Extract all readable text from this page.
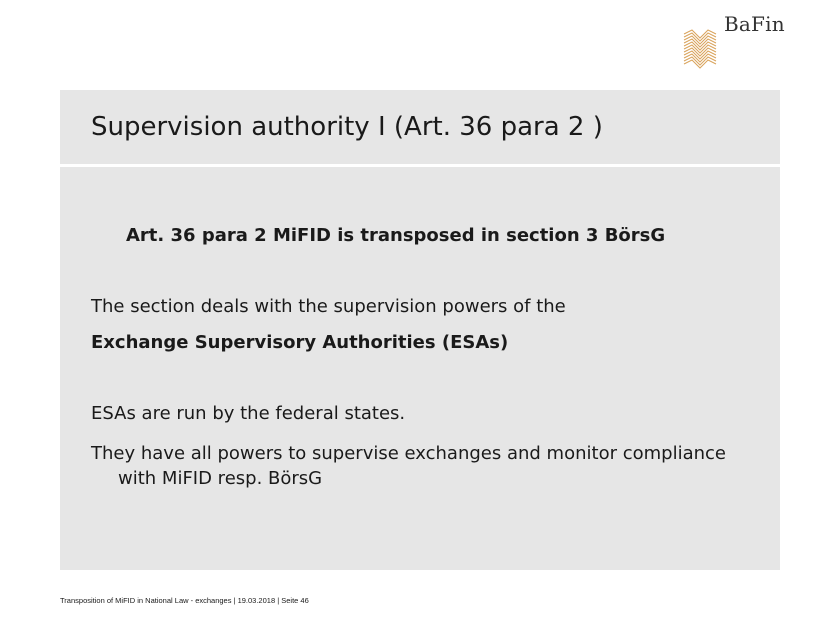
BaFin
Supervision authority I (Art. 36 para 2 )

Art. 36 para 2 MiFID is transposed in section 3 BörsG

The section deals with the supervision powers of the

Exchange Supervisory Authorities (ESAs)

ESAs are run by the federal states.

They have all powers to supervise exchanges and monitor compliance with MiFID resp. BörsG

Transposition of MiFID in National Law - exchanges | 19.03.2018 | Seite 46
